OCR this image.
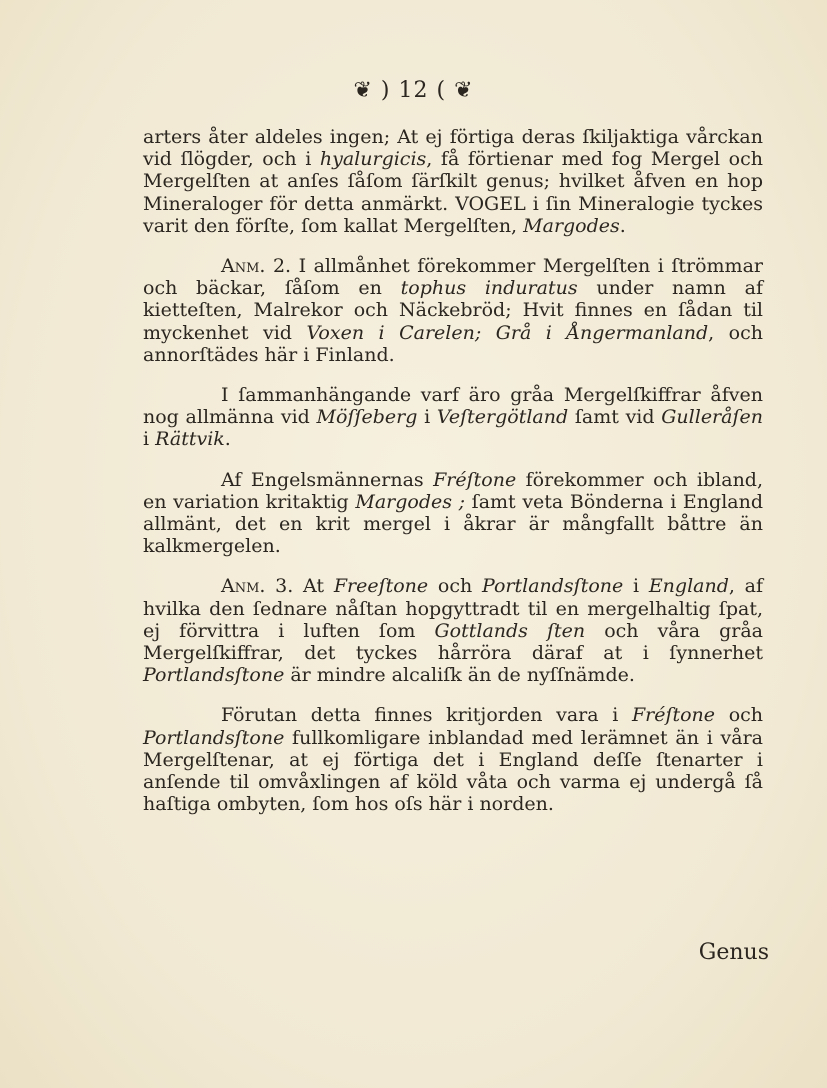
❦ ) 12 ( ❦

arters åter aldeles ingen; At ej förtiga deras ſkiljaktiga vårckan vid ſlögder, och i hyalurgicis, få förtienar med fog Mergel och Mergelſten at anſes ſåſom ſärſkilt genus; hvilket åfven en hop Mineraloger för detta anmärkt. VOGEL i ſin Mineralogie tyckes varit den förſte, ſom kallat Mergelſten, Margodes.

Anm. 2. I allmånhet förekommer Mergelſten i ſtrömmar och bäckar, ſåſom en tophus induratus under namn af kietteſten, Malrekor och Näckebröd; Hvit finnes en ſådan til myckenhet vid Voxen i Carelen; Grå i Ångermanland, och annorſtädes här i Finland.

I ſammanhängande varf äro gråa Mergelſkiffrar åfven nog allmänna vid Möſſeberg i Veſtergötland ſamt vid Gulleråſen i Rättvik.

Af Engelsmännernas Fréſtone förekommer och ibland, en variation kritaktig Margodes ; ſamt veta Bönderna i England allmänt, det en krit mergel i åkrar är mångfallt båttre än kalkmergelen.

Anm. 3. At Freeſtone och Portlandsſtone i England, af hvilka den ſednare nåſtan hopgyttradt til en mergelhaltig ſpat, ej förvittra i luften ſom Gottlands ſten och våra gråa Mergelſkiffrar, det tyckes hårröra däraf at i ſynnerhet Portlandsſtone är mindre alcaliſk än de nyſſnämde.

Förutan detta finnes kritjorden vara i Fréſtone och Portlandsſtone fullkomligare inblandad med lerämnet än i våra Mergelſtenar, at ej förtiga det i England deſſe ſtenarter i anſende til omvåxlingen af köld våta och varma ej undergå ſå haſtiga ombyten, ſom hos oſs här i norden.

Genus
